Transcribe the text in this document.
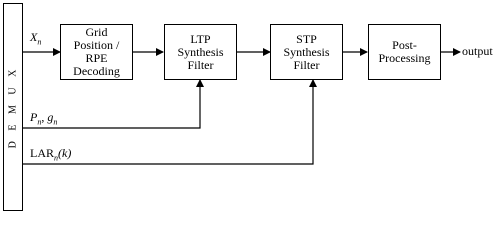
D E M U X
$X_n$
Grid
Position /
RPE
Decoding
LTP
Synthesis
Filter
STP
Synthesis
Filter
Post-
Processing	output
$P_n$, $g_n$
$LAR_n(k)$
